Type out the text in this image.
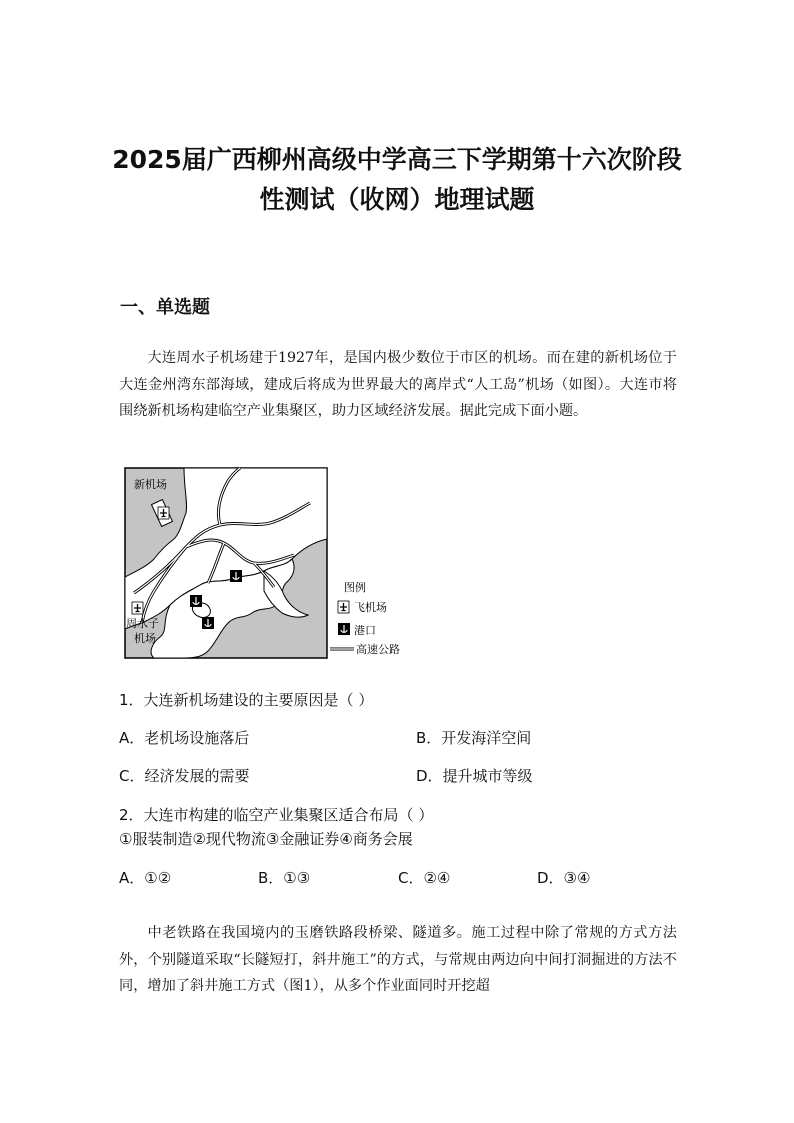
2025届广西柳州高级中学高三下学期第十六次阶段
性测试（收网）地理试题
一、单选题

大连周水子机场建于1927年，是国内极少数位于市区的机场。而在建的新机场位于大连金州湾东部海域，建成后将成为世界最大的离岸式“人工岛”机场（如图）。大连市将围绕新机场构建临空产业集聚区，助力区域经济发展。据此完成下面小题。

新机场
周水子
机场
图例
飞机场
港口
高速公路
1．大连新机场建设的主要原因是（ ）
A．老机场设施落后	B．开发海洋空间
C．经济发展的需要	D．提升城市等级
2．大连市构建的临空产业集聚区适合布局（ ）
①服装制造②现代物流③金融证券④商务会展
A．①②	B．①③	C．②④	D．③④

中老铁路在我国境内的玉磨铁路段桥梁、隧道多。施工过程中除了常规的方式方法外，个别隧道采取“长隧短打，斜井施工”的方式，与常规由两边向中间打洞掘进的方法不同，增加了斜井施工方式（图1），从多个作业面同时开挖超
